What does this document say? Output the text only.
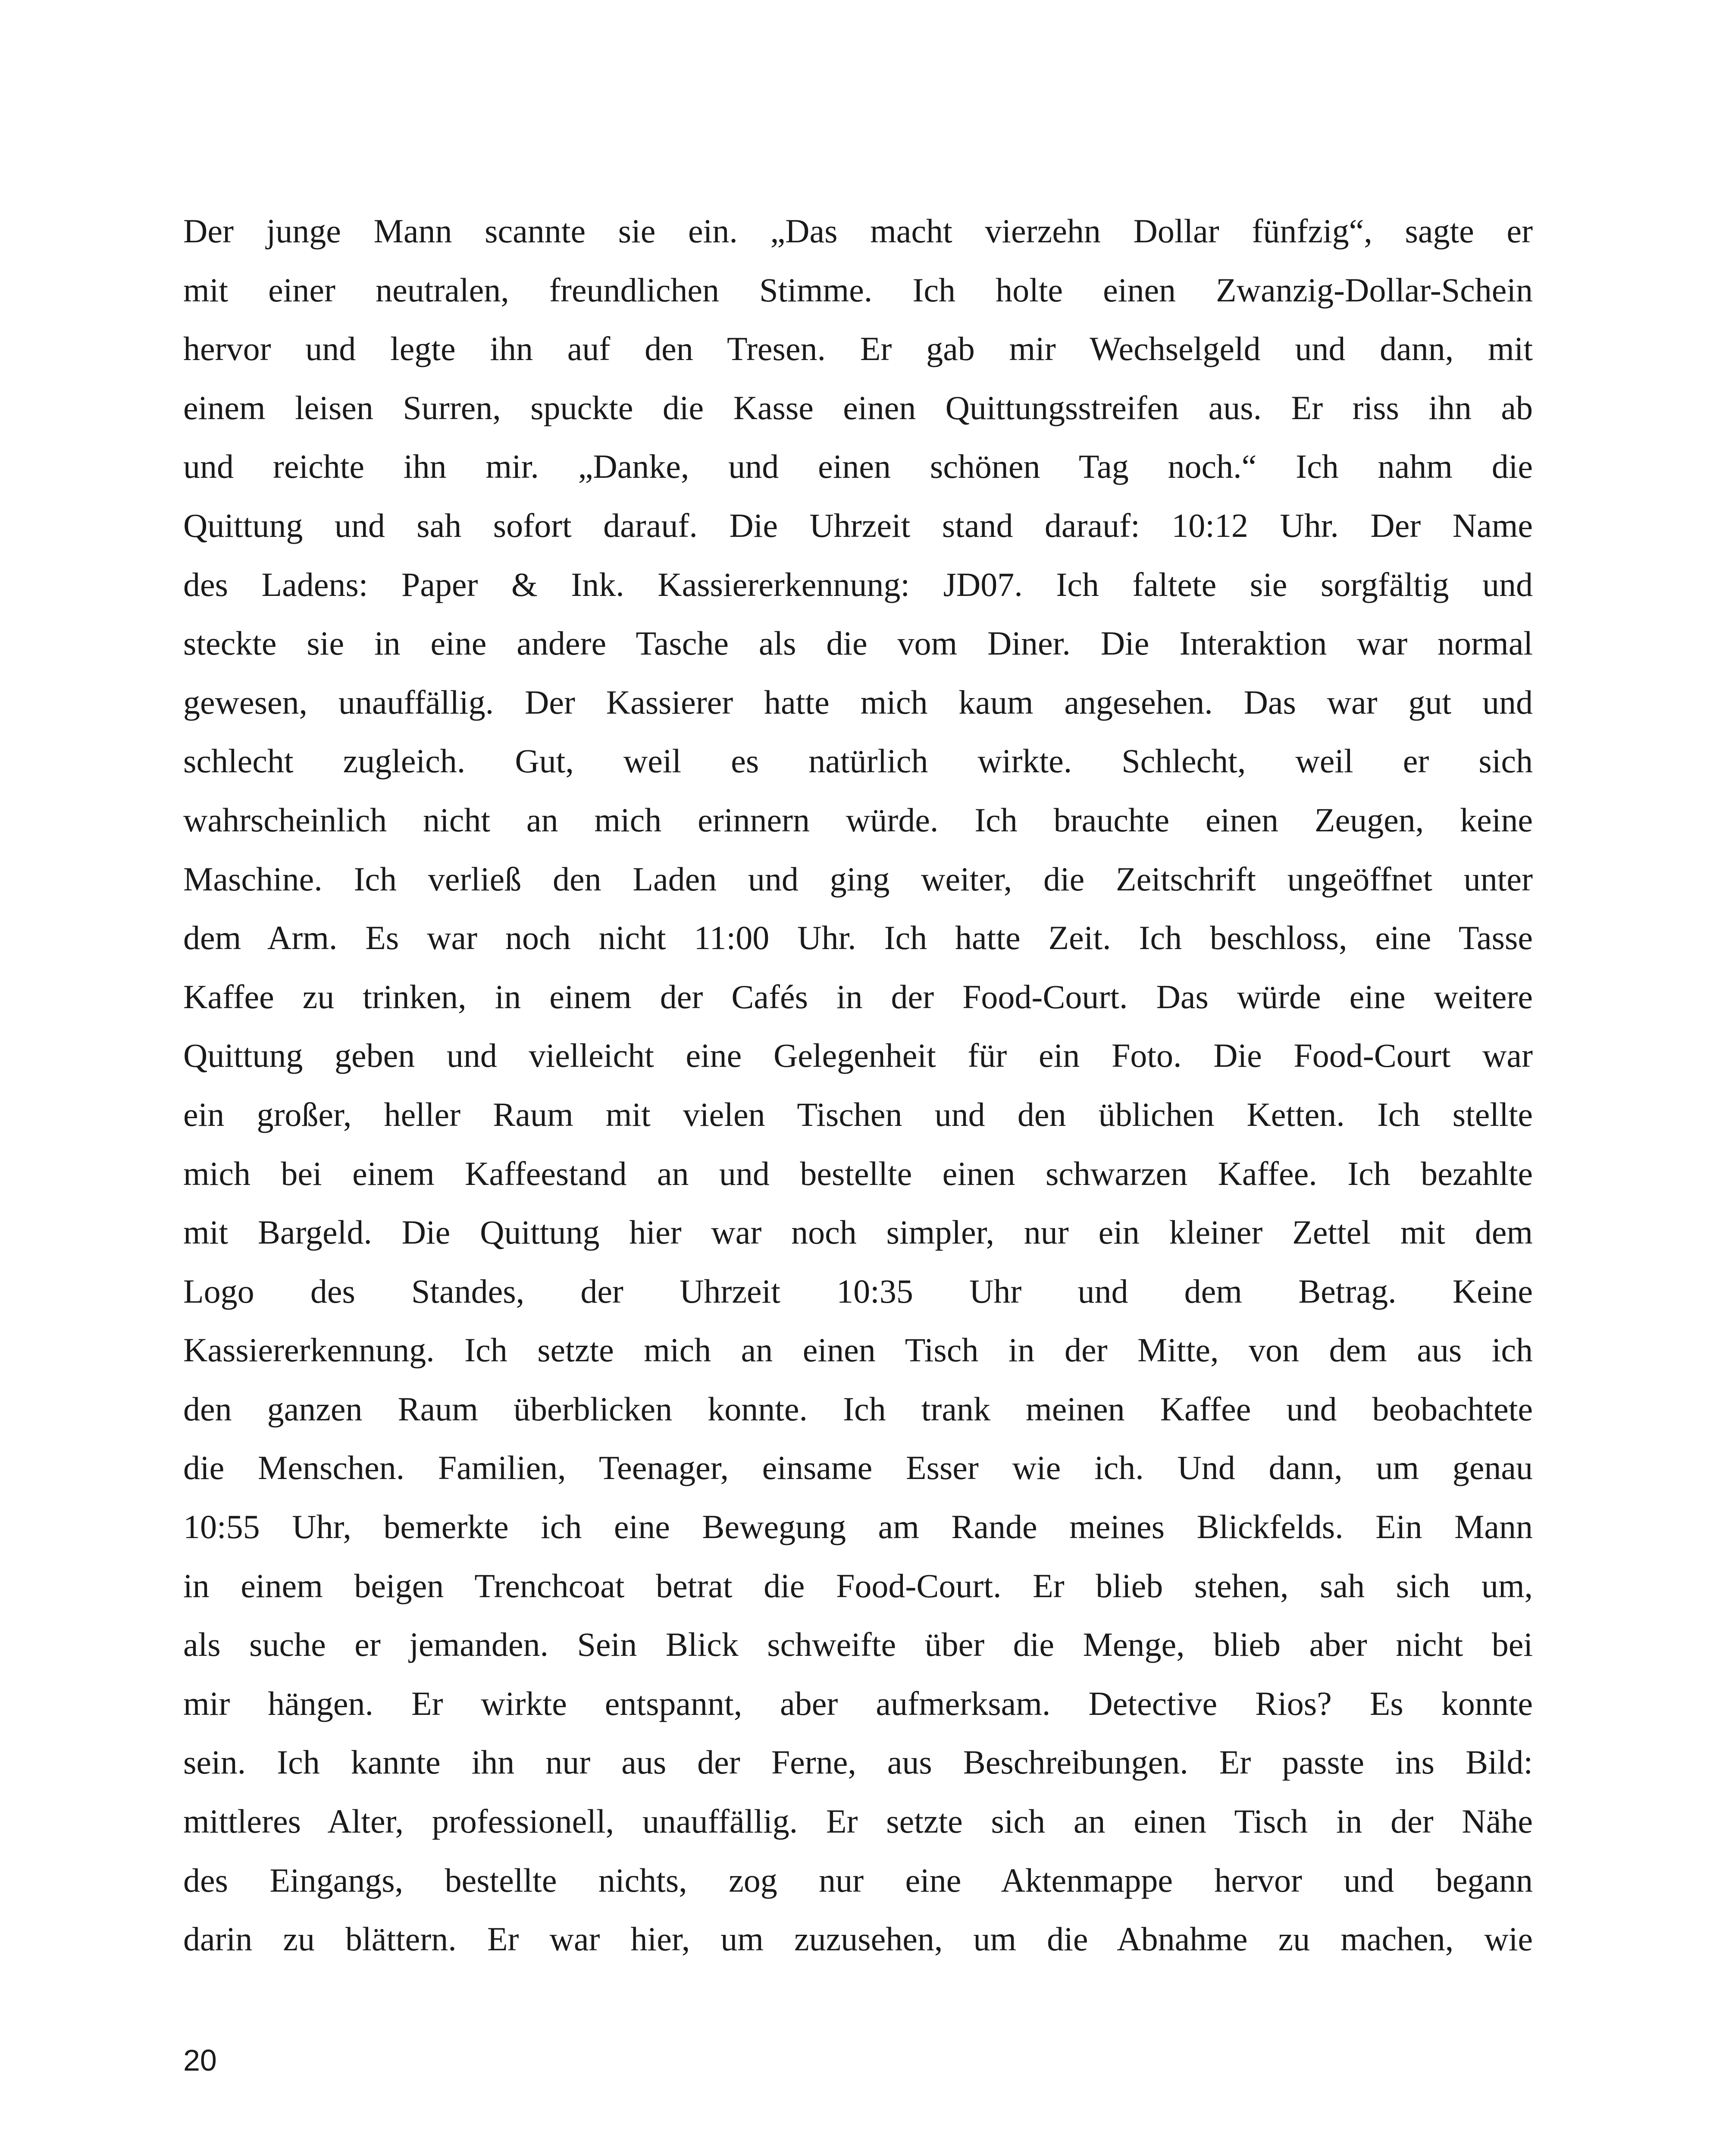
Der junge Mann scannte sie ein. „Das macht vierzehn Dollar fünfzig“, sagte er
mit einer neutralen, freundlichen Stimme. Ich holte einen Zwanzig-Dollar-Schein
hervor und legte ihn auf den Tresen. Er gab mir Wechselgeld und dann, mit
einem leisen Surren, spuckte die Kasse einen Quittungsstreifen aus. Er riss ihn ab
und reichte ihn mir. „Danke, und einen schönen Tag noch.“ Ich nahm die
Quittung und sah sofort darauf. Die Uhrzeit stand darauf: 10:12 Uhr. Der Name
des Ladens: Paper & Ink. Kassiererkennung: JD07. Ich faltete sie sorgfältig und
steckte sie in eine andere Tasche als die vom Diner. Die Interaktion war normal
gewesen, unauffällig. Der Kassierer hatte mich kaum angesehen. Das war gut und
schlecht zugleich. Gut, weil es natürlich wirkte. Schlecht, weil er sich
wahrscheinlich nicht an mich erinnern würde. Ich brauchte einen Zeugen, keine
Maschine. Ich verließ den Laden und ging weiter, die Zeitschrift ungeöffnet unter
dem Arm. Es war noch nicht 11:00 Uhr. Ich hatte Zeit. Ich beschloss, eine Tasse
Kaffee zu trinken, in einem der Cafés in der Food-Court. Das würde eine weitere
Quittung geben und vielleicht eine Gelegenheit für ein Foto. Die Food-Court war
ein großer, heller Raum mit vielen Tischen und den üblichen Ketten. Ich stellte
mich bei einem Kaffeestand an und bestellte einen schwarzen Kaffee. Ich bezahlte
mit Bargeld. Die Quittung hier war noch simpler, nur ein kleiner Zettel mit dem
Logo des Standes, der Uhrzeit 10:35 Uhr und dem Betrag. Keine
Kassiererkennung. Ich setzte mich an einen Tisch in der Mitte, von dem aus ich
den ganzen Raum überblicken konnte. Ich trank meinen Kaffee und beobachtete
die Menschen. Familien, Teenager, einsame Esser wie ich. Und dann, um genau
10:55 Uhr, bemerkte ich eine Bewegung am Rande meines Blickfelds. Ein Mann
in einem beigen Trenchcoat betrat die Food-Court. Er blieb stehen, sah sich um,
als suche er jemanden. Sein Blick schweifte über die Menge, blieb aber nicht bei
mir hängen. Er wirkte entspannt, aber aufmerksam. Detective Rios? Es konnte
sein. Ich kannte ihn nur aus der Ferne, aus Beschreibungen. Er passte ins Bild:
mittleres Alter, professionell, unauffällig. Er setzte sich an einen Tisch in der Nähe
des Eingangs, bestellte nichts, zog nur eine Aktenmappe hervor und begann
darin zu blättern. Er war hier, um zuzusehen, um die Abnahme zu machen, wie
20
